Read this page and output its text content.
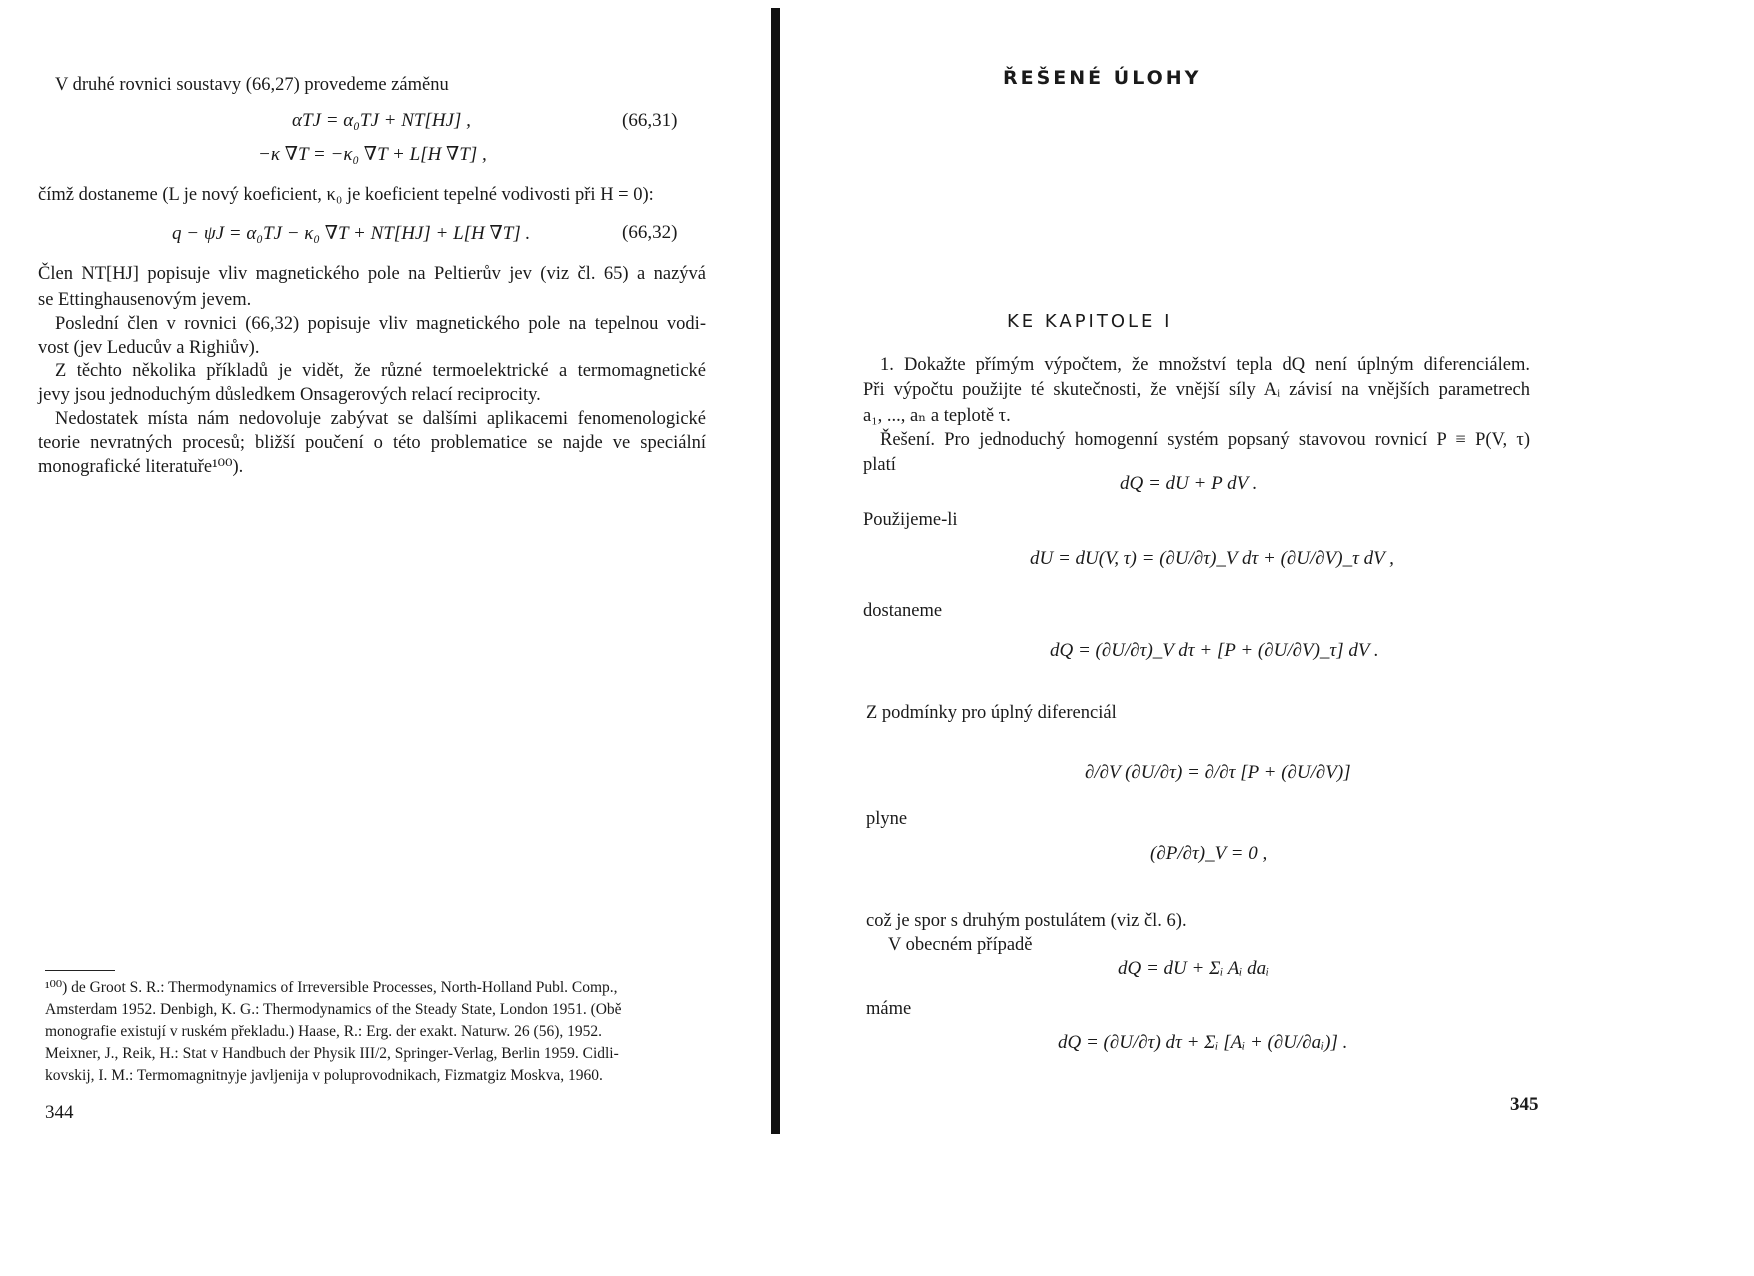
V druhé rovnici soustavy (66,27) provedeme záměnu
αTJ = α₀TJ + NT[HJ] ,	(66,31)
−κ ∇T = −κ₀ ∇T + L[H ∇T] ,
čímž dostaneme (L je nový koeficient, κ₀ je koeficient tepelné vodivosti při H = 0):
q − ψJ = α₀TJ − κ₀ ∇T + NT[HJ] + L[H ∇T] .	(66,32)
Člen NT[HJ] popisuje vliv magnetického pole na Peltierův jev (viz čl. 65) a nazývá
se Ettinghausenovým jevem.
Poslední člen v rovnici (66,32) popisuje vliv magnetického pole na tepelnou vodi-
vost (jev Leducův a Righiův).
Z těchto několika příkladů je vidět, že různé termoelektrické a termomagnetické
jevy jsou jednoduchým důsledkem Onsagerových relací reciprocity.
Nedostatek místa nám nedovoluje zabývat se dalšími aplikacemi fenomenologické
teorie nevratných procesů; bližší poučení o této problematice se najde ve speciální
monografické literatuře¹⁰⁰).
¹⁰⁰) de Groot S. R.: Thermodynamics of Irreversible Processes, North-Holland Publ. Comp.,
Amsterdam 1952. Denbigh, K. G.: Thermodynamics of the Steady State, London 1951. (Obě
monografie existují v ruském překladu.) Haase, R.: Erg. der exakt. Naturw. 26 (56), 1952.
Meixner, J., Reik, H.: Stat v Handbuch der Physik III/2, Springer-Verlag, Berlin 1959. Cidli-
kovskij, I. M.: Termomagnitnyje javljenija v poluprovodnikach, Fizmatgiz Moskva, 1960.
344
ŘEŠENÉ ÚLOHY
KE KAPITOLE I
1. Dokažte přímým výpočtem, že množství tepla dQ není úplným diferenciálem.
Při výpočtu použijte té skutečnosti, že vnější síly Aᵢ závisí na vnějších parametrech
a₁, ..., aₙ a teplotě τ.
Řešení. Pro jednoduchý homogenní systém popsaný stavovou rovnicí P ≡ P(V, τ)
platí
dQ = dU + P dV .
Použijeme-li
dU = dU(V, τ) = (∂U/∂τ)_V dτ + (∂U/∂V)_τ dV ,
dostaneme
dQ = (∂U/∂τ)_V dτ + [P + (∂U/∂V)_τ] dV .
Z podmínky pro úplný diferenciál
∂/∂V (∂U/∂τ) = ∂/∂τ [P + (∂U/∂V)]
plyne
(∂P/∂τ)_V = 0 ,
což je spor s druhým postulátem (viz čl. 6).
V obecném případě
dQ = dU + Σᵢ Aᵢ daᵢ
máme
dQ = (∂U/∂τ) dτ + Σᵢ [Aᵢ + (∂U/∂aᵢ)] .
345
